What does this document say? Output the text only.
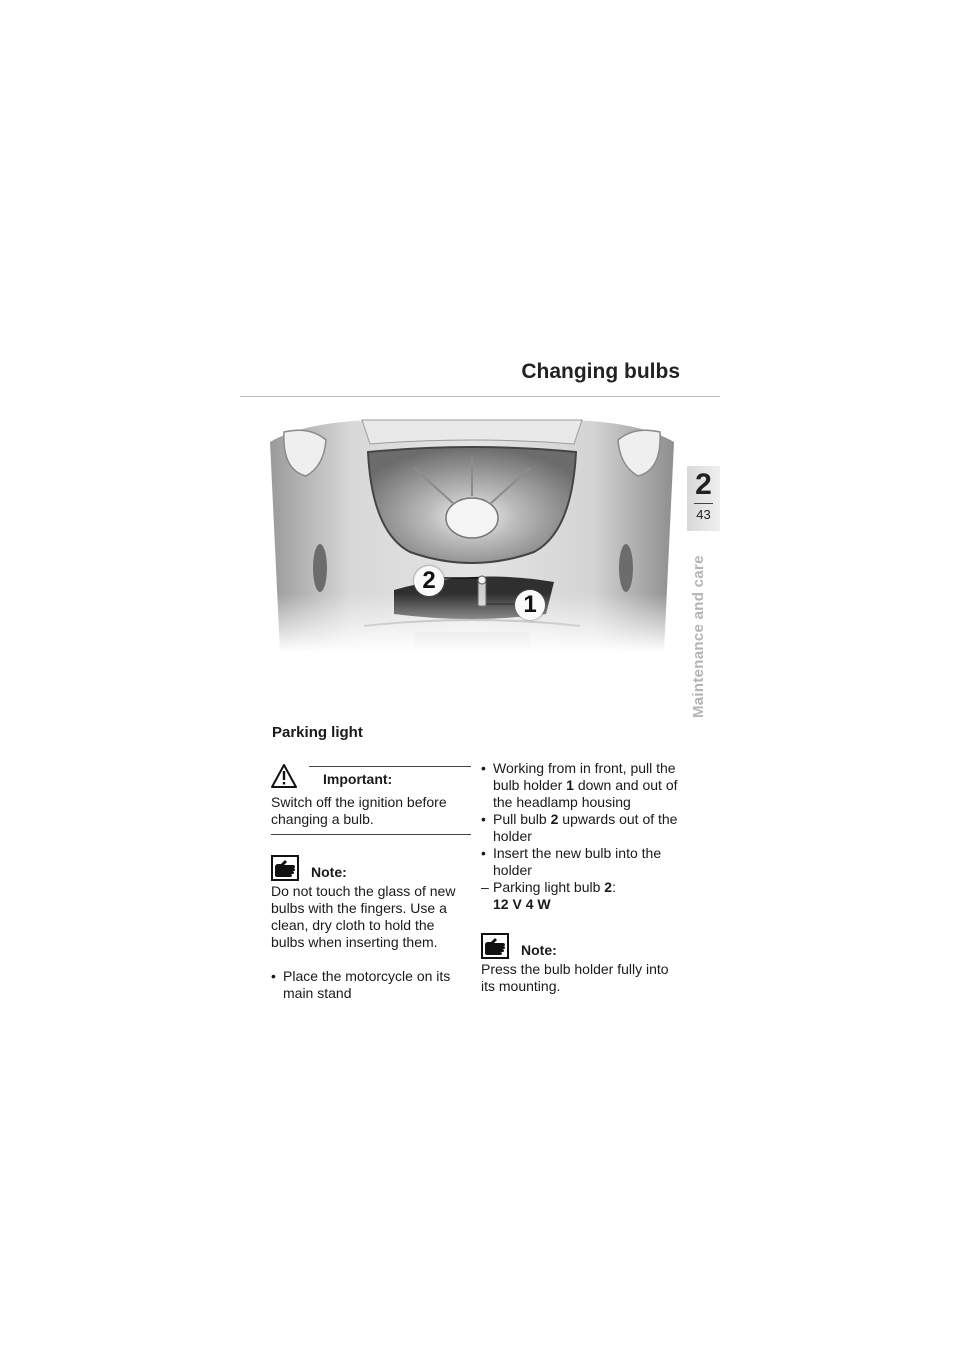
Changing bulbs
2
43
Maintenance and care
2
1
Parking light
Important:

Switch off the ignition before changing a bulb.

Note:

Do not touch the glass of new bulbs with the fingers. Use a clean, dry cloth to hold the bulbs when inserting them.

• Place the motorcycle on its main stand
• Working from in front, pull the bulb holder 1 down and out of the headlamp housing
• Pull bulb 2 upwards out of the holder
• Insert the new bulb into the holder
– Parking light bulb 2:
12 V 4 W
Note:

Press the bulb holder fully into its mounting.
